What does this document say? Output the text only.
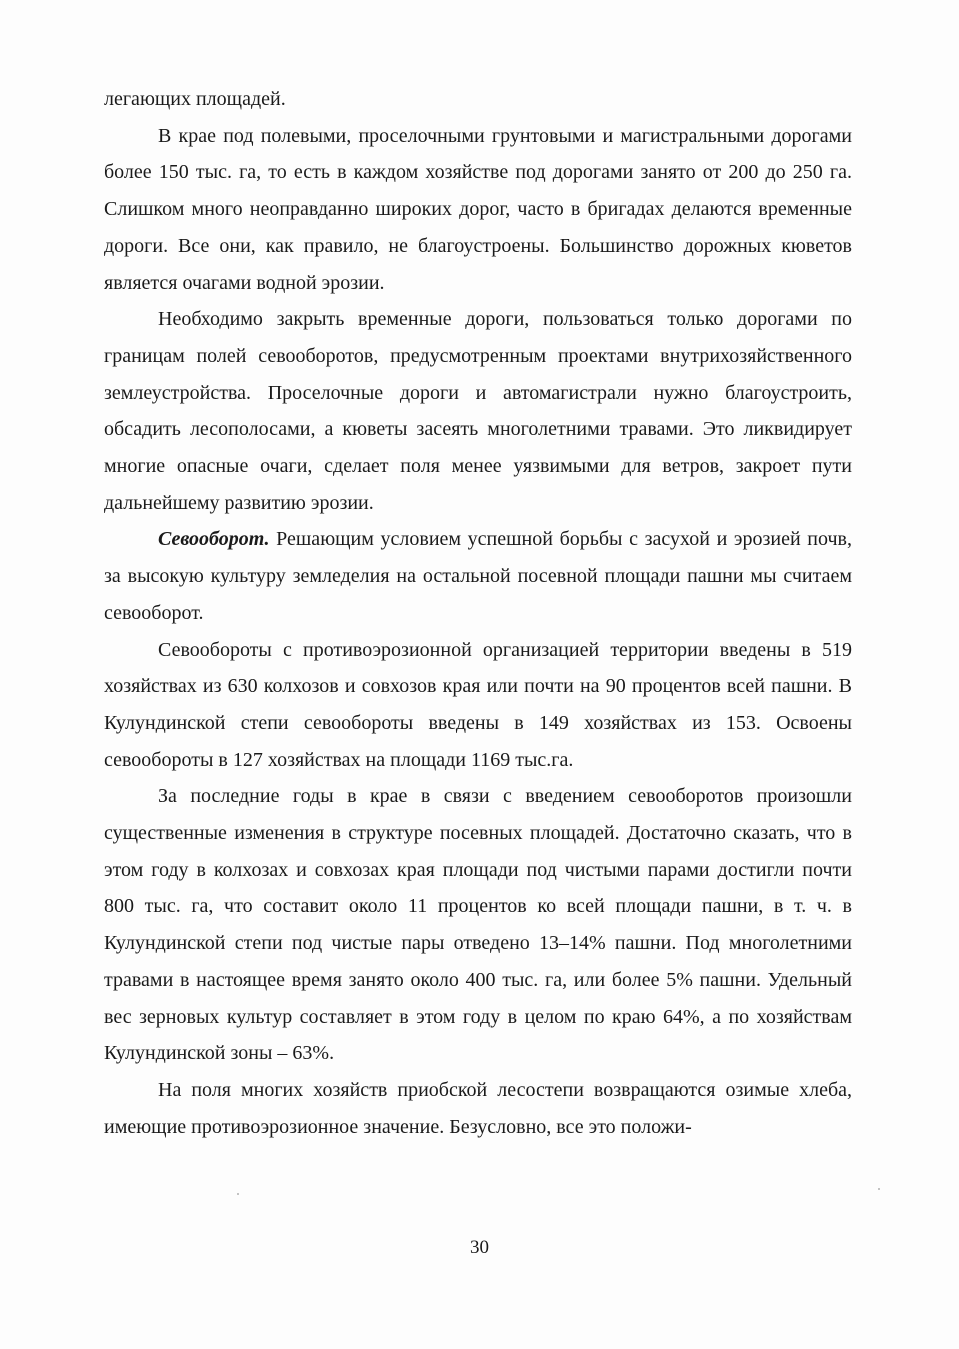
легающих площадей.

В крае под полевыми, проселочными грунтовыми и магистральными дорогами более 150 тыс. га, то есть в каждом хозяйстве под дорогами занято от 200 до 250 га. Слишком много неоправданно широких дорог, часто в бригадах делаются временные дороги. Все они, как правило, не благоустроены. Большинство дорожных кюветов является очагами водной эрозии.

Необходимо закрыть временные дороги, пользоваться только дорогами по границам полей севооборотов, предусмотренным проектами внутрихозяйственного землеустройства. Проселочные дороги и автомагистрали нужно благоустроить, обсадить лесополосами, а кюветы засеять многолетними травами. Это ликвидирует многие опасные очаги, сделает поля менее уязвимыми для ветров, закроет пути дальнейшему развитию эрозии.

Севооборот. Решающим условием успешной борьбы с засухой и эрозией почв, за высокую культуру земледелия на остальной посевной площади пашни мы считаем севооборот.

Севообороты с противоэрозионной организацией территории введены в 519 хозяйствах из 630 колхозов и совхозов края или почти на 90 процентов всей пашни. В Кулундинской степи севообороты введены в 149 хозяйствах из 153. Освоены севообороты в 127 хозяйствах на площади 1169 тыс.га.

За последние годы в крае в связи с введением севооборотов произошли существенные изменения в структуре посевных площадей. Достаточно сказать, что в этом году в колхозах и совхозах края площади под чистыми парами достигли почти 800 тыс. га, что составит около 11 процентов ко всей площади пашни, в т. ч. в Кулундинской степи под чистые пары отведено 13–14% пашни. Под многолетними травами в настоящее время занято около 400 тыс. га, или более 5% пашни. Удельный вес зерновых культур составляет в этом году в целом по краю 64%, а по хозяйствам Кулундинской зоны – 63%.

На поля многих хозяйств приобской лесостепи возвращаются озимые хлеба, имеющие противоэрозионное значение. Безусловно, все это положи-

30
